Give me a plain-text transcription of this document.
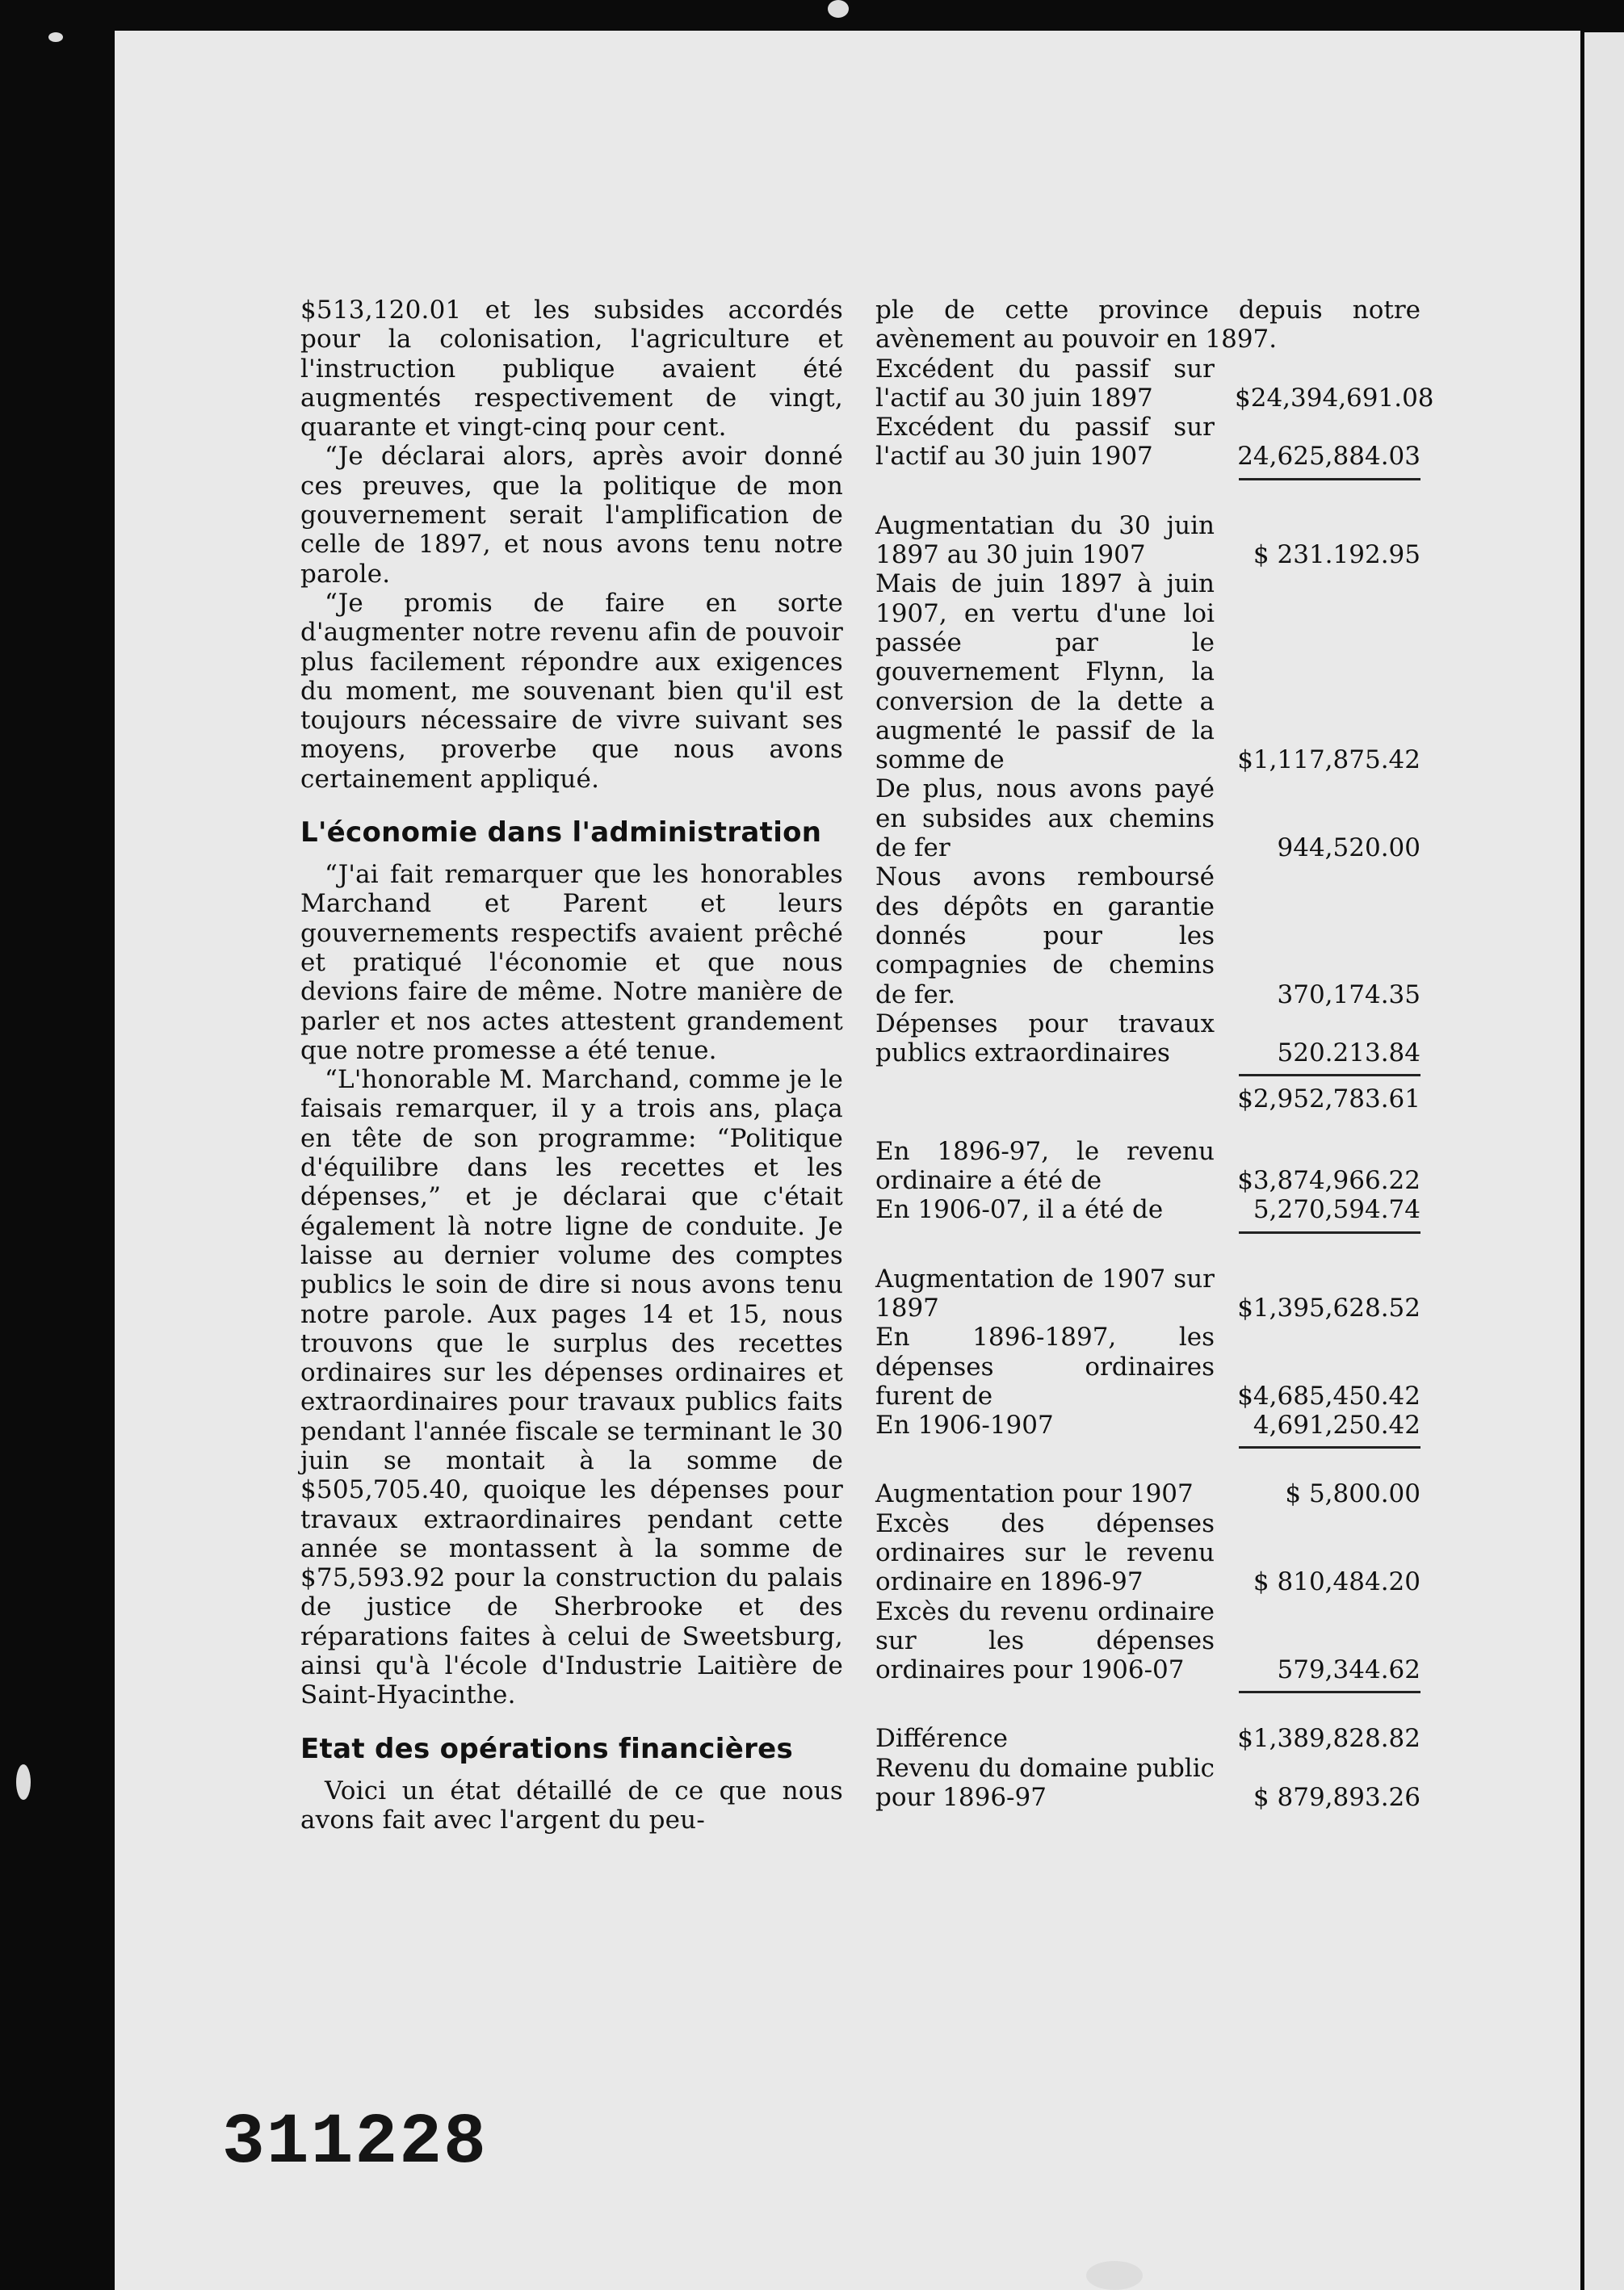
$513,120.01 et les subsides accordés pour la colonisation, l'agriculture et l'instruction publique avaient été augmentés respectivement de vingt, quarante et vingt-cinq pour cent.

“Je déclarai alors, après avoir donné ces preuves, que la politique de mon gouvernement serait l'amplification de celle de 1897, et nous avons tenu notre parole.

“Je promis de faire en sorte d'augmenter notre revenu afin de pouvoir plus facilement répondre aux exigences du moment, me souvenant bien qu'il est toujours nécessaire de vivre suivant ses moyens, proverbe que nous avons certainement appliqué.

L'économie dans l'administration

“J'ai fait remarquer que les honorables Marchand et Parent et leurs gouvernements respectifs avaient prêché et pratiqué l'économie et que nous devions faire de même. Notre manière de parler et nos actes attestent grandement que notre promesse a été tenue.

“L'honorable M. Marchand, comme je le faisais remarquer, il y a trois ans, plaça en tête de son programme: “Politique d'équilibre dans les recettes et les dépenses,” et je déclarai que c'était également là notre ligne de conduite. Je laisse au dernier volume des comptes publics le soin de dire si nous avons tenu notre parole. Aux pages 14 et 15, nous trouvons que le surplus des recettes ordinaires sur les dépenses ordinaires et extraordinaires pour travaux publics faits pendant l'année fiscale se terminant le 30 juin se montait à la somme de $505,705.40, quoique les dépenses pour travaux extraordinaires pendant cette année se montassent à la somme de $75,593.92 pour la construction du palais de justice de Sherbrooke et des réparations faites à celui de Sweetsburg, ainsi qu'à l'école d'Industrie Laitière de Saint-Hyacinthe.

Etat des opérations financières

Voici un état détaillé de ce que nous avons fait avec l'argent du peu-

ple de cette province depuis notre avènement au pouvoir en 1897.
Excédent du passif sur l'actif au 30 juin 1897	$24,394,691.08
Excédent du passif sur l'actif au 30 juin 1907	24,625,884.03
Augmentatian du 30 juin 1897 au 30 juin 1907	$ 231.192.95
Mais de juin 1897 à juin 1907, en vertu d'une loi passée par le gouvernement Flynn, la conversion de la dette a augmenté le passif de la somme de	$1,117,875.42
De plus, nous avons payé en subsides aux chemins de fer	944,520.00
Nous avons remboursé des dépôts en garantie donnés pour les compagnies de chemins de fer.	370,174.35
Dépenses pour travaux publics extraordinaires	520.213.84
$2,952,783.61
En 1896-97, le revenu ordinaire a été de	$3,874,966.22
En 1906-07, il a été de	5,270,594.74
Augmentation de 1907 sur 1897	$1,395,628.52
En 1896-1897, les dépenses ordinaires furent de	$4,685,450.42
En 1906-1907	4,691,250.42
Augmentation pour 1907	$ 5,800.00
Excès des dépenses ordinaires sur le revenu ordinaire en 1896-97	$ 810,484.20
Excès du revenu ordinaire sur les dépenses ordinaires pour 1906-07	579,344.62
Différence	$1,389,828.82
Revenu du domaine public pour 1896-97	$ 879,893.26
311228
